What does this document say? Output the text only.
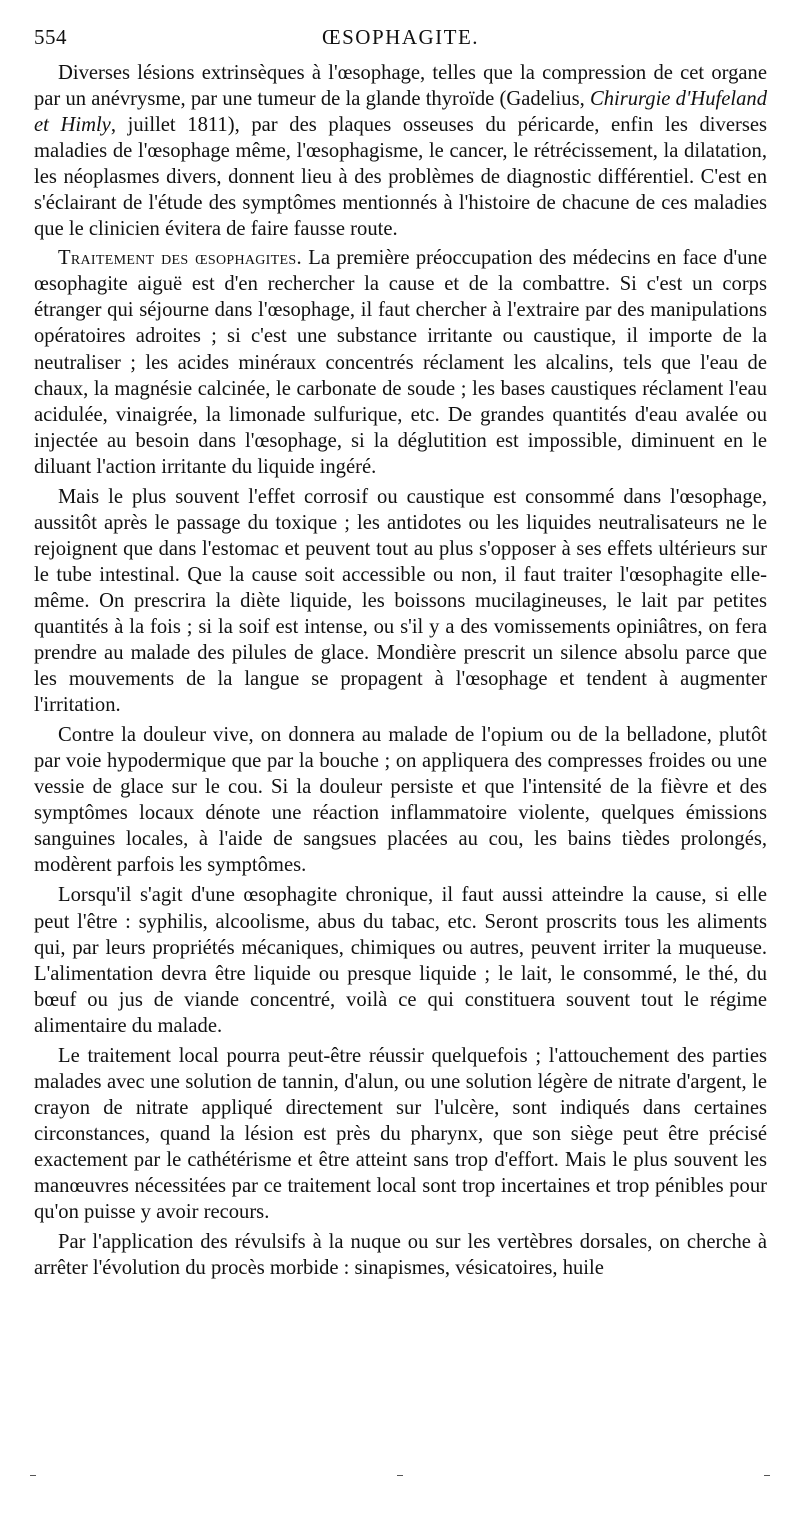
ŒSOPHAGITE.
554

Diverses lésions extrinsèques à l'œsophage, telles que la compression de cet organe par un anévrysme, par une tumeur de la glande thyroïde (Gadelius, Chirurgie d'Hufeland et Himly, juillet 1811), par des plaques osseuses du péricarde, enfin les diverses maladies de l'œsophage même, l'œsophagisme, le cancer, le rétrécissement, la dilatation, les néoplasmes divers, donnent lieu à des problèmes de diagnostic différentiel. C'est en s'éclairant de l'étude des symptômes mentionnés à l'histoire de chacune de ces maladies que le clinicien évitera de faire fausse route.

Traitement des œsophagites. La première préoccupation des médecins en face d'une œsophagite aiguë est d'en rechercher la cause et de la combattre. Si c'est un corps étranger qui séjourne dans l'œsophage, il faut chercher à l'extraire par des manipulations opératoires adroites ; si c'est une substance irritante ou caustique, il importe de la neutraliser ; les acides minéraux concentrés réclament les alcalins, tels que l'eau de chaux, la magnésie calcinée, le carbonate de soude ; les bases caustiques réclament l'eau acidulée, vinaigrée, la limonade sulfurique, etc. De grandes quantités d'eau avalée ou injectée au besoin dans l'œsophage, si la déglutition est impossible, diminuent en le diluant l'action irritante du liquide ingéré.

Mais le plus souvent l'effet corrosif ou caustique est consommé dans l'œsophage, aussitôt après le passage du toxique ; les antidotes ou les liquides neutralisateurs ne le rejoignent que dans l'estomac et peuvent tout au plus s'opposer à ses effets ultérieurs sur le tube intestinal. Que la cause soit accessible ou non, il faut traiter l'œsophagite elle-même. On prescrira la diète liquide, les boissons mucilagineuses, le lait par petites quantités à la fois ; si la soif est intense, ou s'il y a des vomissements opiniâtres, on fera prendre au malade des pilules de glace. Mondière prescrit un silence absolu parce que les mouvements de la langue se propagent à l'œsophage et tendent à augmenter l'irritation.

Contre la douleur vive, on donnera au malade de l'opium ou de la belladone, plutôt par voie hypodermique que par la bouche ; on appliquera des compresses froides ou une vessie de glace sur le cou. Si la douleur persiste et que l'intensité de la fièvre et des symptômes locaux dénote une réaction inflammatoire violente, quelques émissions sanguines locales, à l'aide de sangsues placées au cou, les bains tièdes prolongés, modèrent parfois les symptômes.

Lorsqu'il s'agit d'une œsophagite chronique, il faut aussi atteindre la cause, si elle peut l'être : syphilis, alcoolisme, abus du tabac, etc. Seront proscrits tous les aliments qui, par leurs propriétés mécaniques, chimiques ou autres, peuvent irriter la muqueuse. L'alimentation devra être liquide ou presque liquide ; le lait, le consommé, le thé, du bœuf ou jus de viande concentré, voilà ce qui constituera souvent tout le régime alimentaire du malade.

Le traitement local pourra peut-être réussir quelquefois ; l'attouchement des parties malades avec une solution de tannin, d'alun, ou une solution légère de nitrate d'argent, le crayon de nitrate appliqué directement sur l'ulcère, sont indiqués dans certaines circonstances, quand la lésion est près du pharynx, que son siège peut être précisé exactement par le cathétérisme et être atteint sans trop d'effort. Mais le plus souvent les manœuvres nécessitées par ce traitement local sont trop incertaines et trop pénibles pour qu'on puisse y avoir recours.

Par l'application des révulsifs à la nuque ou sur les vertèbres dorsales, on cherche à arrêter l'évolution du procès morbide : sinapismes, vésicatoires, huile
